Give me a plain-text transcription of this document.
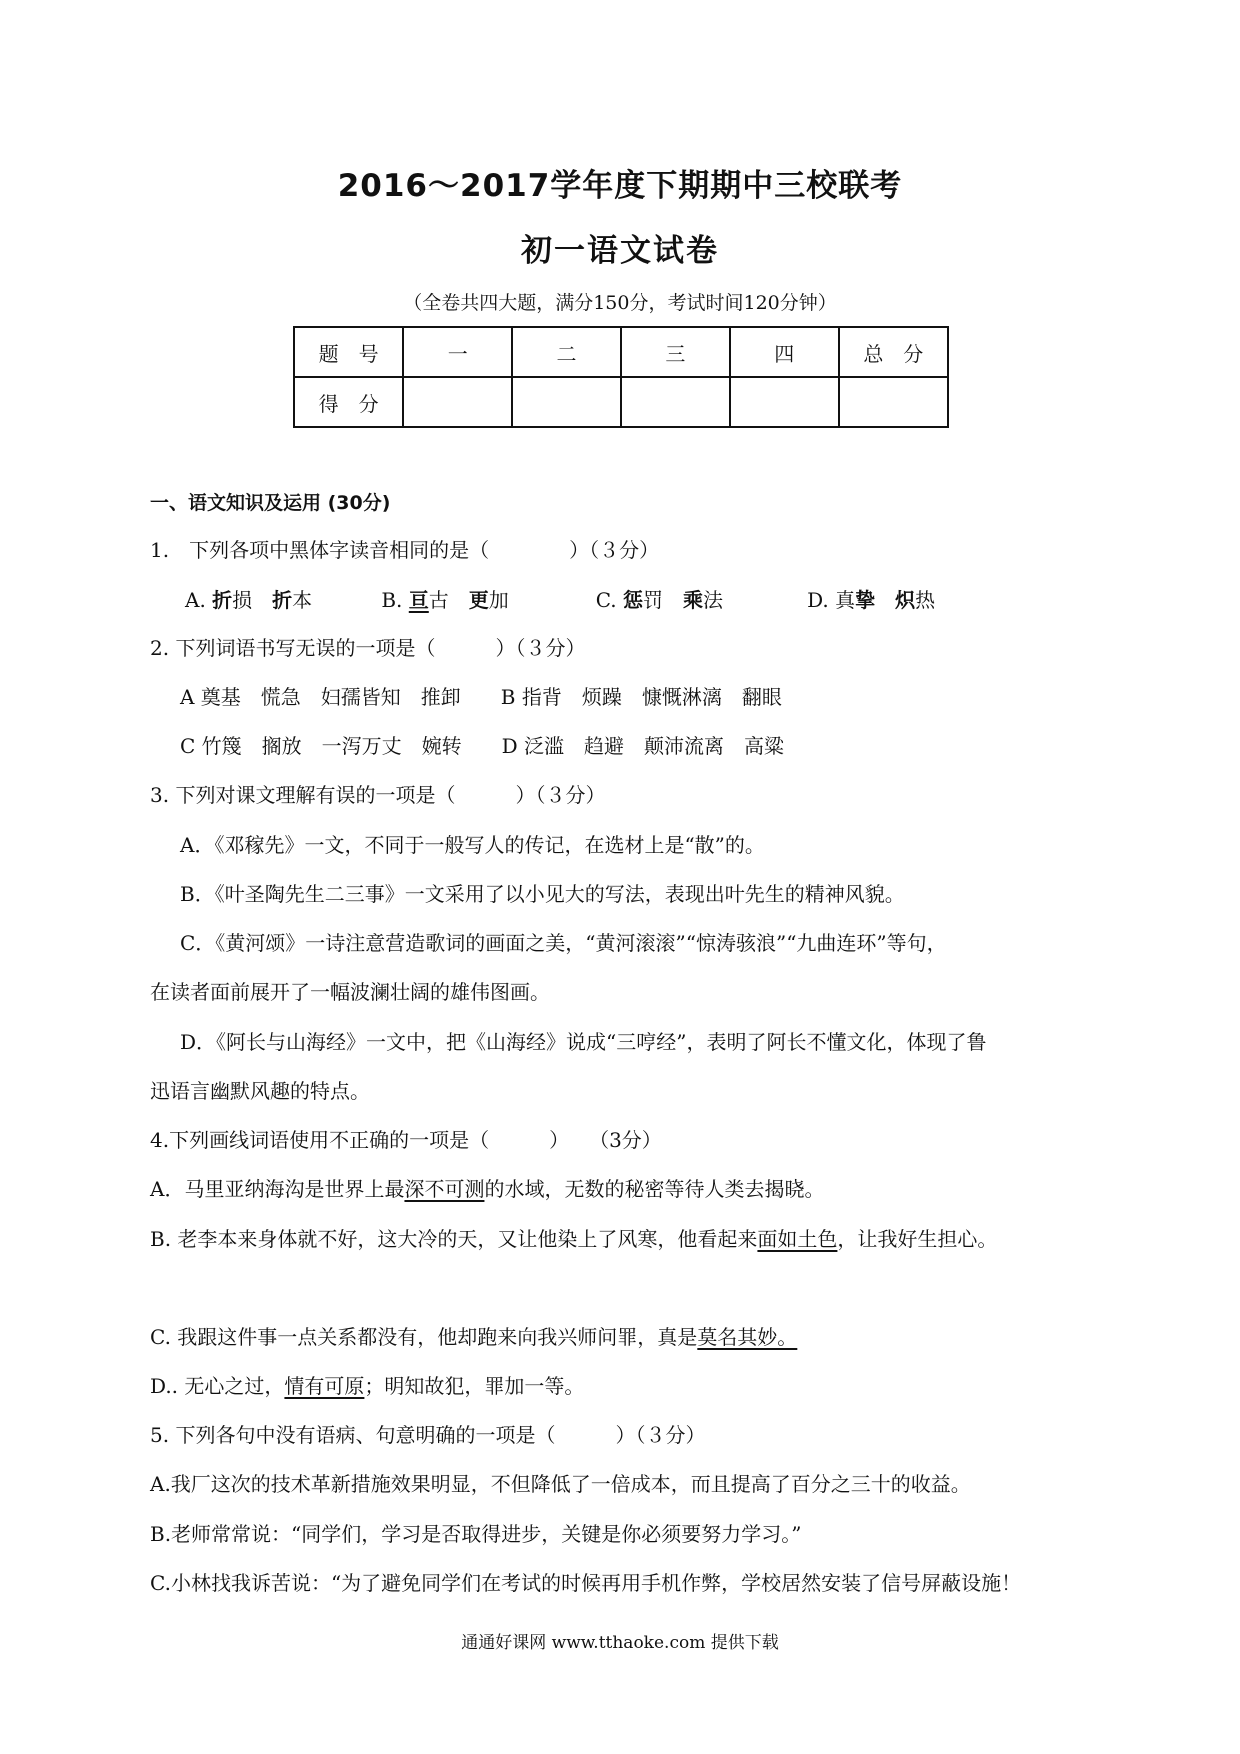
2016～2017学年度下期期中三校联考
初一语文试卷
（全卷共四大题，满分150分，考试时间120分钟）
题　号	一	二	三	四	总　分
得　分					
一、语文知识及运用 (30分)
1.　下列各项中黑体字读音相同的是（　　　　）（３分）
A. 折损　 折本	B. 亘古　 更加	C. 惩罚　 乘法	D. 真挚　 炽热
2. 下列词语书写无误的一项是（　　　）（３分）
A 奠基　慌急　妇孺皆知　推卸　　B 指背　烦躁　慷慨淋漓　翻眼
C 竹篾　搁放　一泻万丈　婉转　　D 泛滥　趋避　颠沛流离　高粱
3. 下列对课文理解有误的一项是（　　　）（３分）
A．《邓稼先》一文，不同于一般写人的传记，在选材上是“散”的。
B．《叶圣陶先生二三事》一文采用了以小见大的写法，表现出叶先生的精神风貌。
C．《黄河颂》一诗注意营造歌词的画面之美，“黄河滚滚”“惊涛骇浪”“九曲连环”等句，
在读者面前展开了一幅波澜壮阔的雄伟图画。
D．《阿长与山海经》一文中，把《山海经》说成“三哼经”，表明了阿长不懂文化，体现了鲁
迅语言幽默风趣的特点。
4.下列画线词语使用不正确的一项是（　　　）　　（3分）
A．马里亚纳海沟是世界上最深不可测的水域，无数的秘密等待人类去揭晓。
B. 老李本来身体就不好，这大冷的天，又让他染上了风寒，他看起来面如土色，让我好生担心。
C. 我跟这件事一点关系都没有，他却跑来向我兴师问罪，真是莫名其妙。
D.. 无心之过，情有可原；明知故犯，罪加一等。
5. 下列各句中没有语病、句意明确的一项是（　　　）（３分）
A.我厂这次的技术革新措施效果明显，不但降低了一倍成本，而且提高了百分之三十的收益。
B.老师常常说：“同学们，学习是否取得进步，关键是你必须要努力学习。”
C.小林找我诉苦说：“为了避免同学们在考试的时候再用手机作弊，学校居然安装了信号屏蔽设施！
通通好课网 www.tthaoke.com 提供下载
